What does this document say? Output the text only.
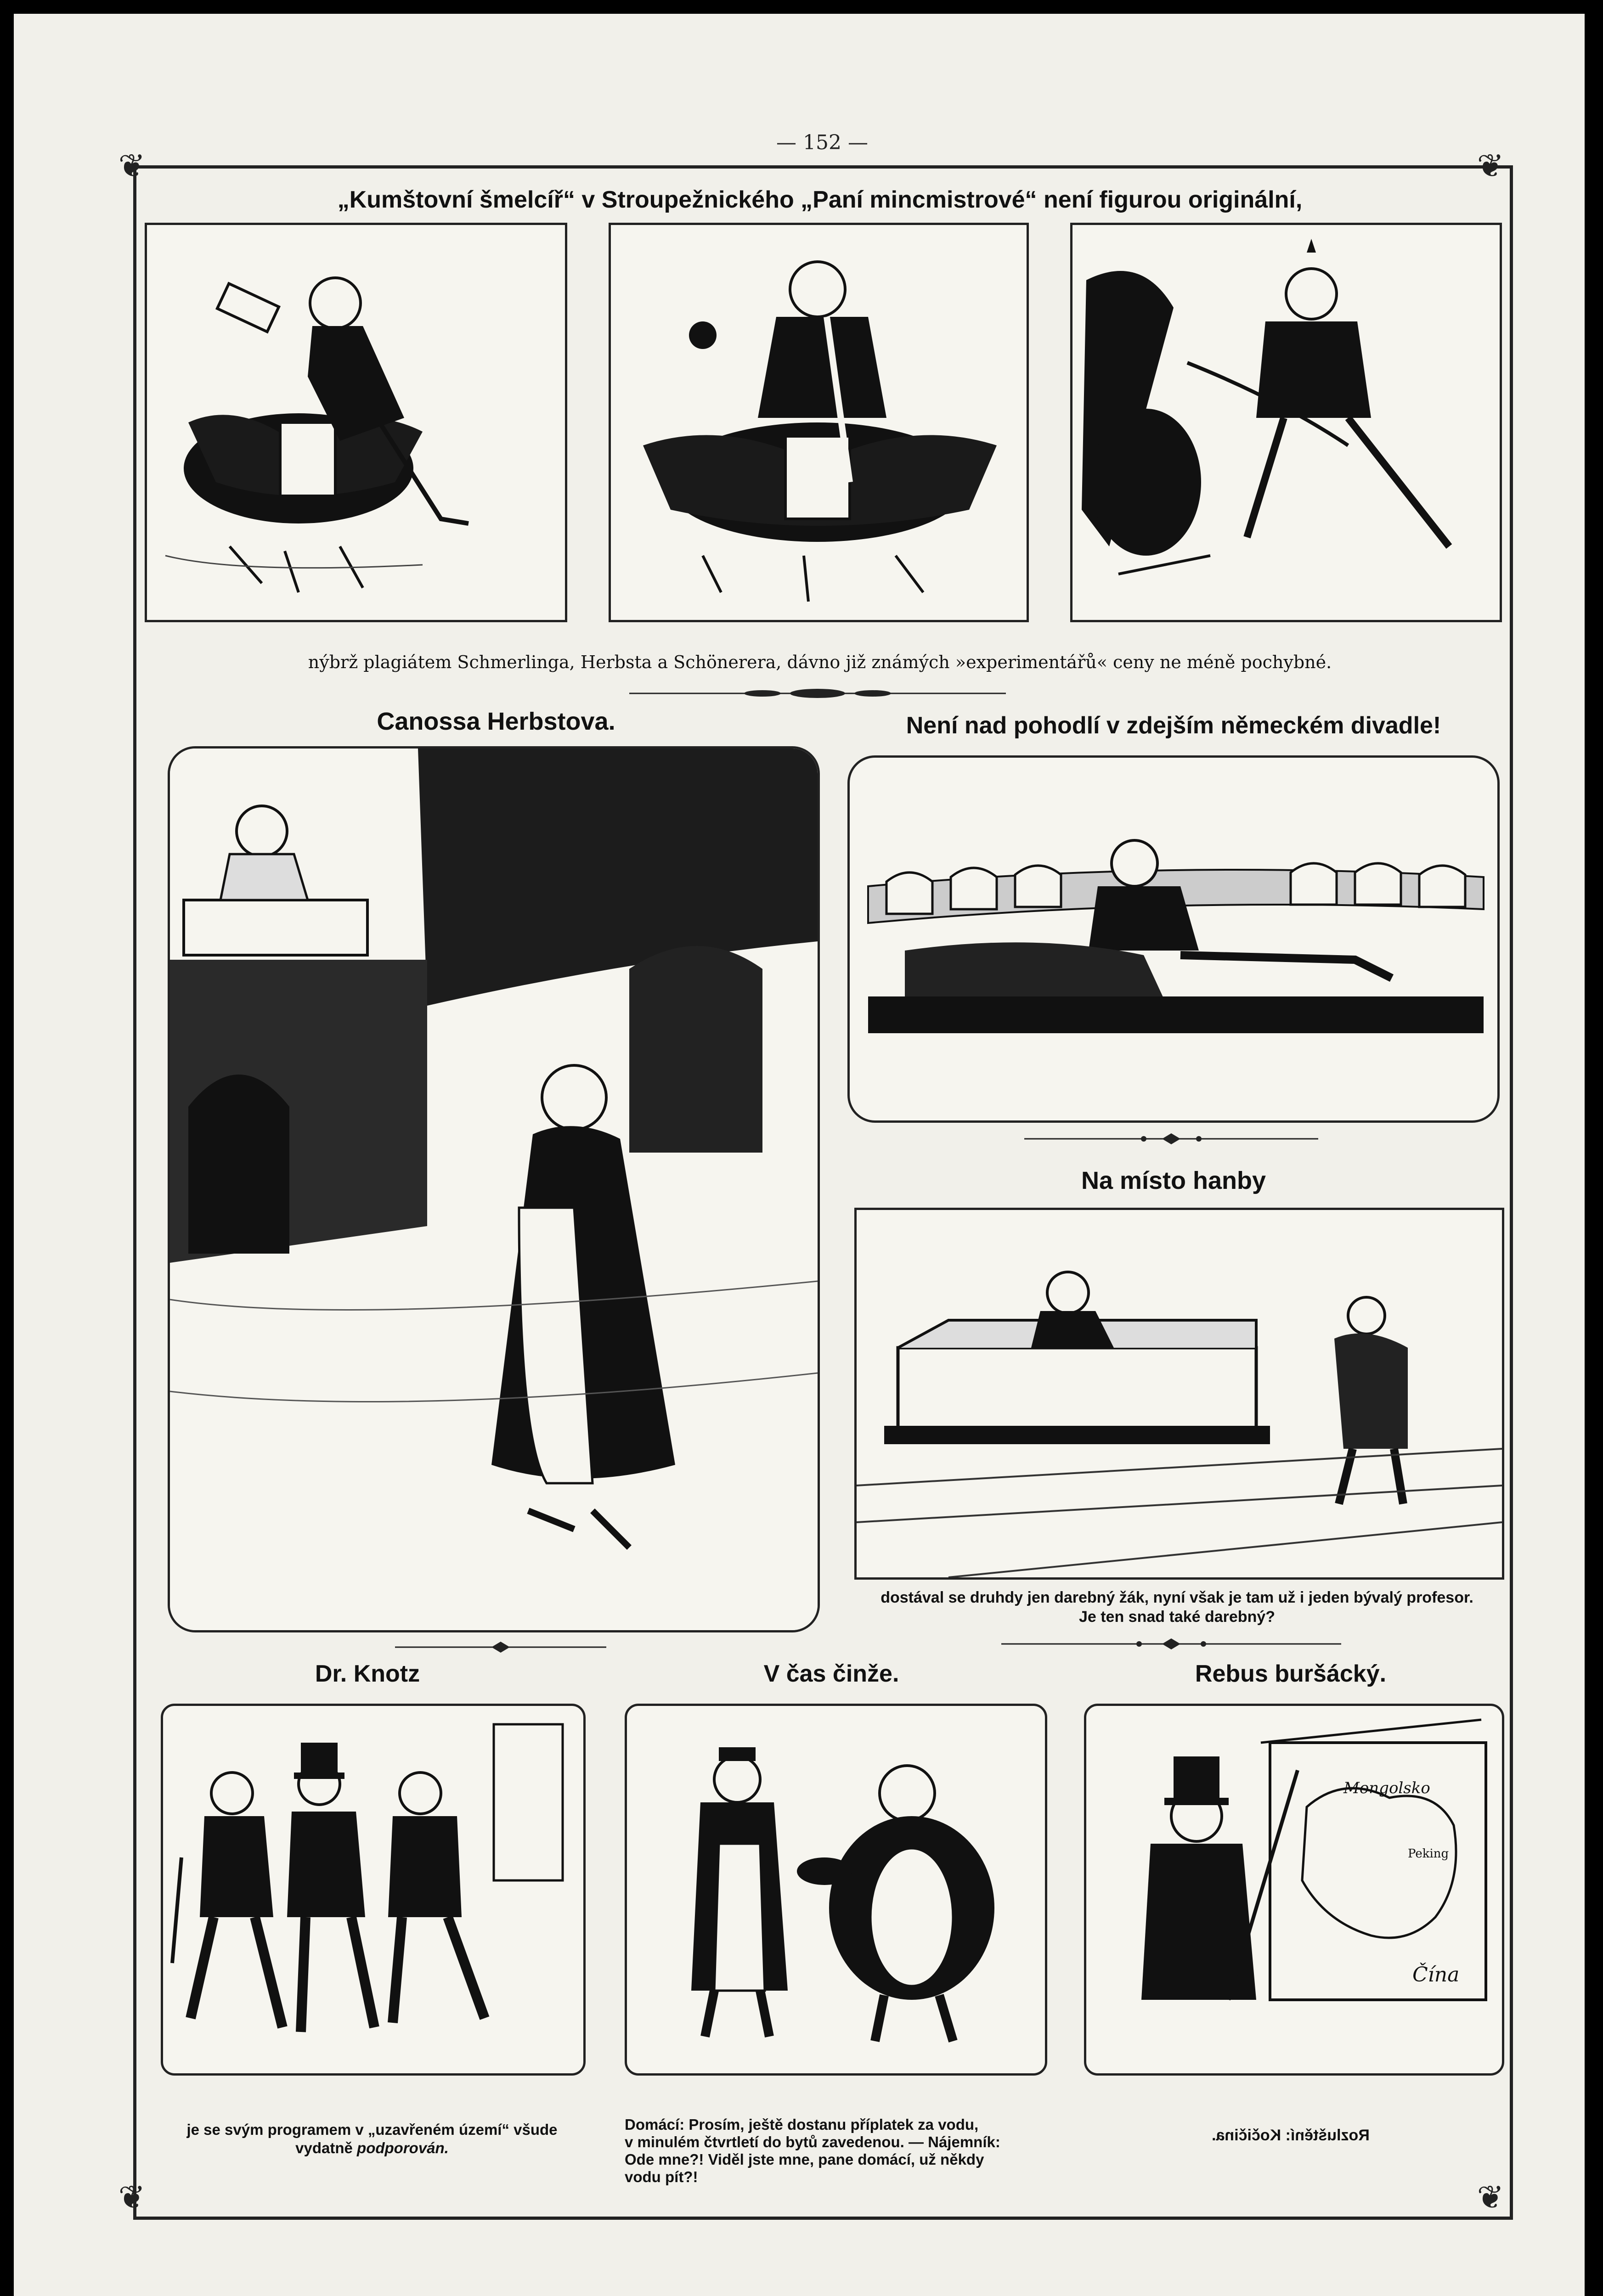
— 152 —
❦	❦
❦	❦
„Kumštovní šmelcíř“ v Stroupežnického „Paní mincmistrové“ není figurou originální,
nýbrž plagiátem Schmerlinga, Herbsta a Schönerera, dávno již známých »experimentářů« ceny ne méně pochybné.
Canossa Herbstova.	Není nad pohodlí v zdejším německém divadle!
Na místo hanby
dostával se druhdy jen darebný žák, nyní však je tam už i jeden bývalý profesor.
Je ten snad také darebný?
Dr. Knotz	V čas činže.	Rebus buršácký.
Mongolsko
Peking
Čína
je se svým programem v „uzavřeném území“ všude
vydatně podporován.
Domácí: Prosím, ještě dostanu příplatek za vodu,
v minulém čtvrtletí do bytů zavedenou. — Nájemník:
Ode mne?! Viděl jste mne, pane domácí, už někdy
vodu pít?!
Rozluštění: Kočičina.
